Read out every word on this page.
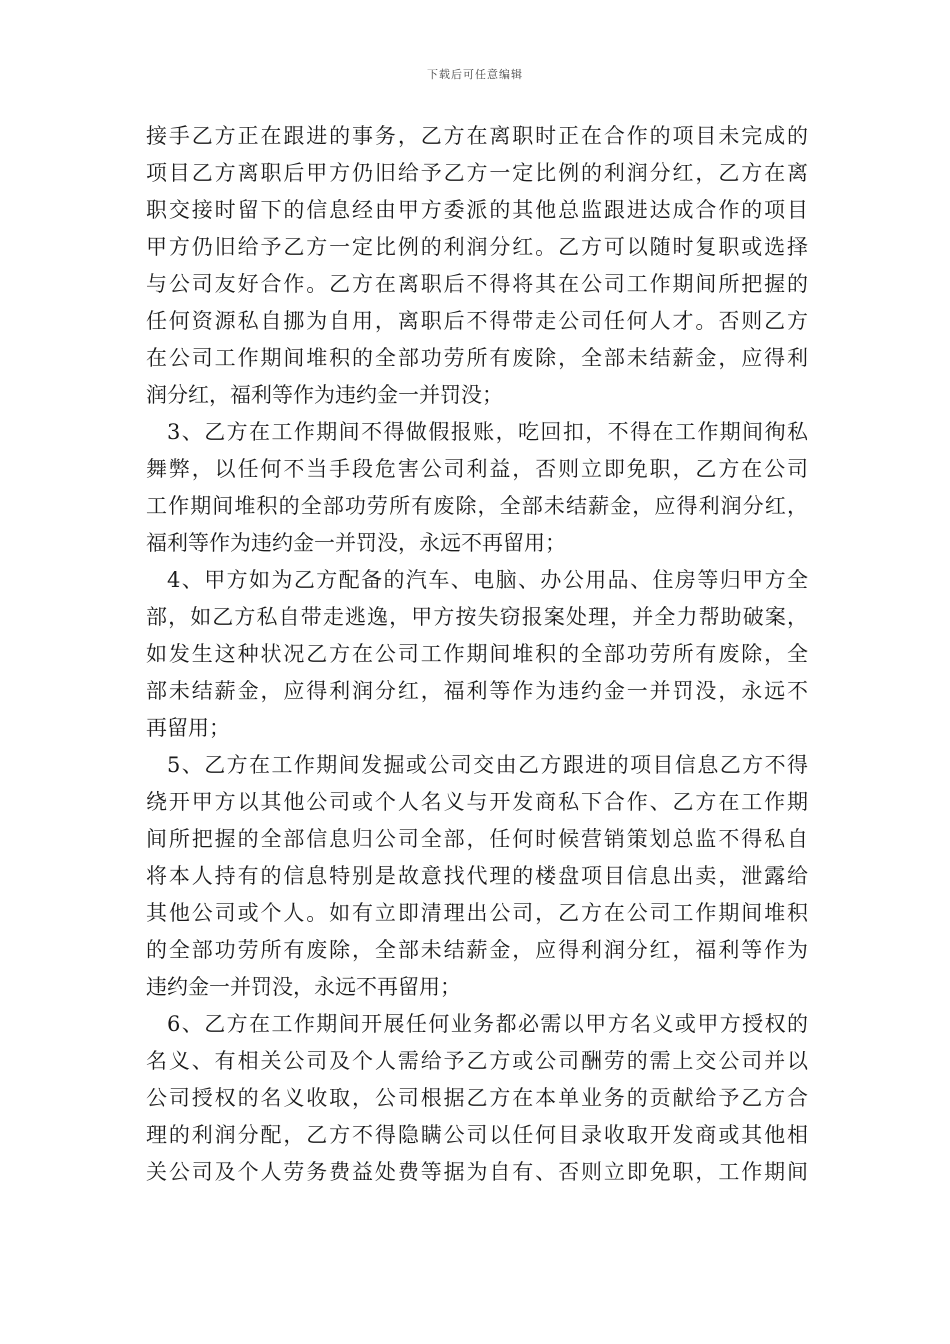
下载后可任意编辑
接手乙方正在跟进的事务，乙方在离职时正在合作的项目未完成的
项目乙方离职后甲方仍旧给予乙方一定比例的利润分红，乙方在离
职交接时留下的信息经由甲方委派的其他总监跟进达成合作的项目
甲方仍旧给予乙方一定比例的利润分红。乙方可以随时复职或选择
与公司友好合作。乙方在离职后不得将其在公司工作期间所把握的
任何资源私自挪为自用，离职后不得带走公司任何人才。否则乙方
在公司工作期间堆积的全部功劳所有废除，全部未结薪金，应得利
润分红，福利等作为违约金一并罚没；
3、乙方在工作期间不得做假报账，吃回扣，不得在工作期间徇私
舞弊，以任何不当手段危害公司利益，否则立即免职，乙方在公司
工作期间堆积的全部功劳所有废除，全部未结薪金，应得利润分红，
福利等作为违约金一并罚没，永远不再留用；
4、甲方如为乙方配备的汽车、电脑、办公用品、住房等归甲方全
部，如乙方私自带走逃逸，甲方按失窃报案处理，并全力帮助破案，
如发生这种状况乙方在公司工作期间堆积的全部功劳所有废除，全
部未结薪金，应得利润分红，福利等作为违约金一并罚没，永远不
再留用；
5、乙方在工作期间发掘或公司交由乙方跟进的项目信息乙方不得
绕开甲方以其他公司或个人名义与开发商私下合作、乙方在工作期
间所把握的全部信息归公司全部，任何时候营销策划总监不得私自
将本人持有的信息特别是故意找代理的楼盘项目信息出卖，泄露给
其他公司或个人。如有立即清理出公司，乙方在公司工作期间堆积
的全部功劳所有废除，全部未结薪金，应得利润分红，福利等作为
违约金一并罚没，永远不再留用；
6、乙方在工作期间开展任何业务都必需以甲方名义或甲方授权的
名义、有相关公司及个人需给予乙方或公司酬劳的需上交公司并以
公司授权的名义收取，公司根据乙方在本单业务的贡献给予乙方合
理的利润分配，乙方不得隐瞒公司以任何目录收取开发商或其他相
关公司及个人劳务费益处费等据为自有、否则立即免职，工作期间
